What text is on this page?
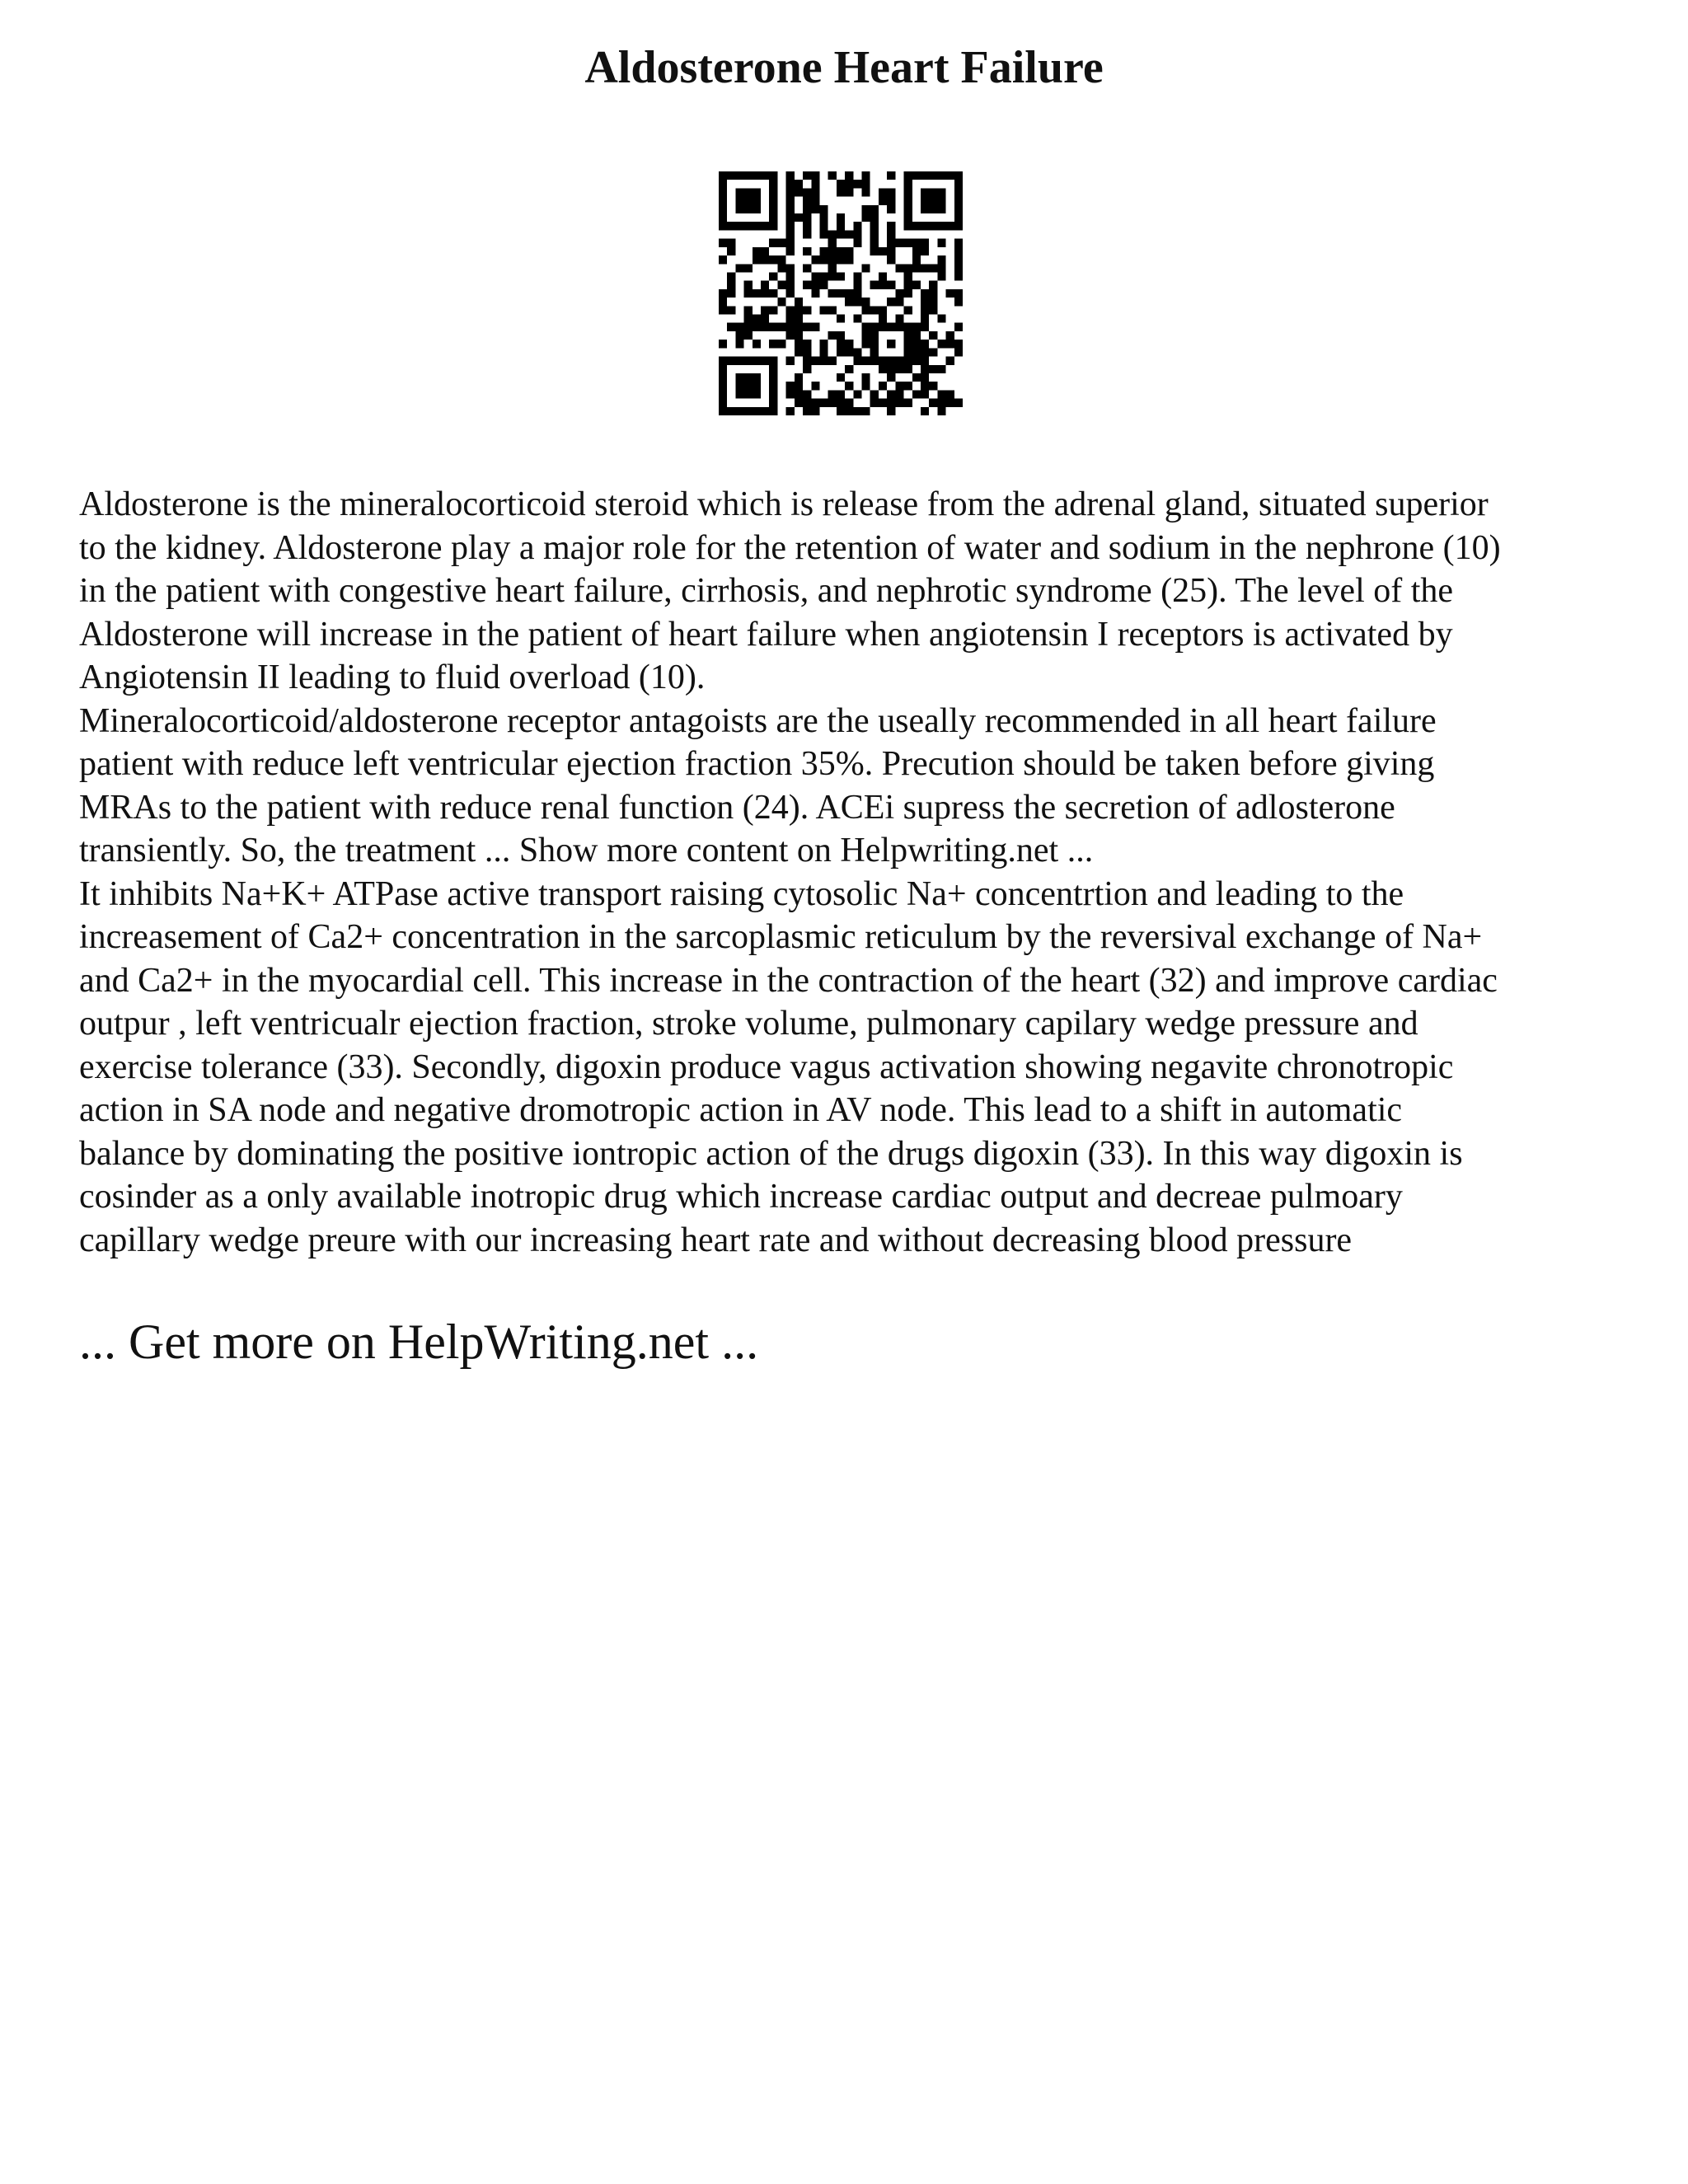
Aldosterone Heart Failure

Aldosterone is the mineralocorticoid steroid which is release from the adrenal gland, situated superior
to the kidney. Aldosterone play a major role for the retention of water and sodium in the nephrone (10)
in the patient with congestive heart failure, cirrhosis, and nephrotic syndrome (25). The level of the
Aldosterone will increase in the patient of heart failure when angiotensin I receptors is activated by
Angiotensin II leading to fluid overload (10).

Mineralocorticoid/aldosterone receptor antagoists are the useally recommended in all heart failure
patient with reduce left ventricular ejection fraction 35%. Precution should be taken before giving
MRAs to the patient with reduce renal function (24). ACEi supress the secretion of adlosterone
transiently. So, the treatment ... Show more content on Helpwriting.net ...

It inhibits Na+K+ ATPase active transport raising cytosolic Na+ concentrtion and leading to the
increasement of Ca2+ concentration in the sarcoplasmic reticulum by the reversival exchange of Na+
and Ca2+ in the myocardial cell. This increase in the contraction of the heart (32) and improve cardiac
outpur , left ventricualr ejection fraction, stroke volume, pulmonary capilary wedge pressure and
exercise tolerance (33). Secondly, digoxin produce vagus activation showing negavite chronotropic
action in SA node and negative dromotropic action in AV node. This lead to a shift in automatic
balance by dominating the positive iontropic action of the drugs digoxin (33). In this way digoxin is
cosinder as a only available inotropic drug which increase cardiac output and decreae pulmoary
capillary wedge preure with our increasing heart rate and without decreasing blood pressure

... Get more on HelpWriting.net ...
